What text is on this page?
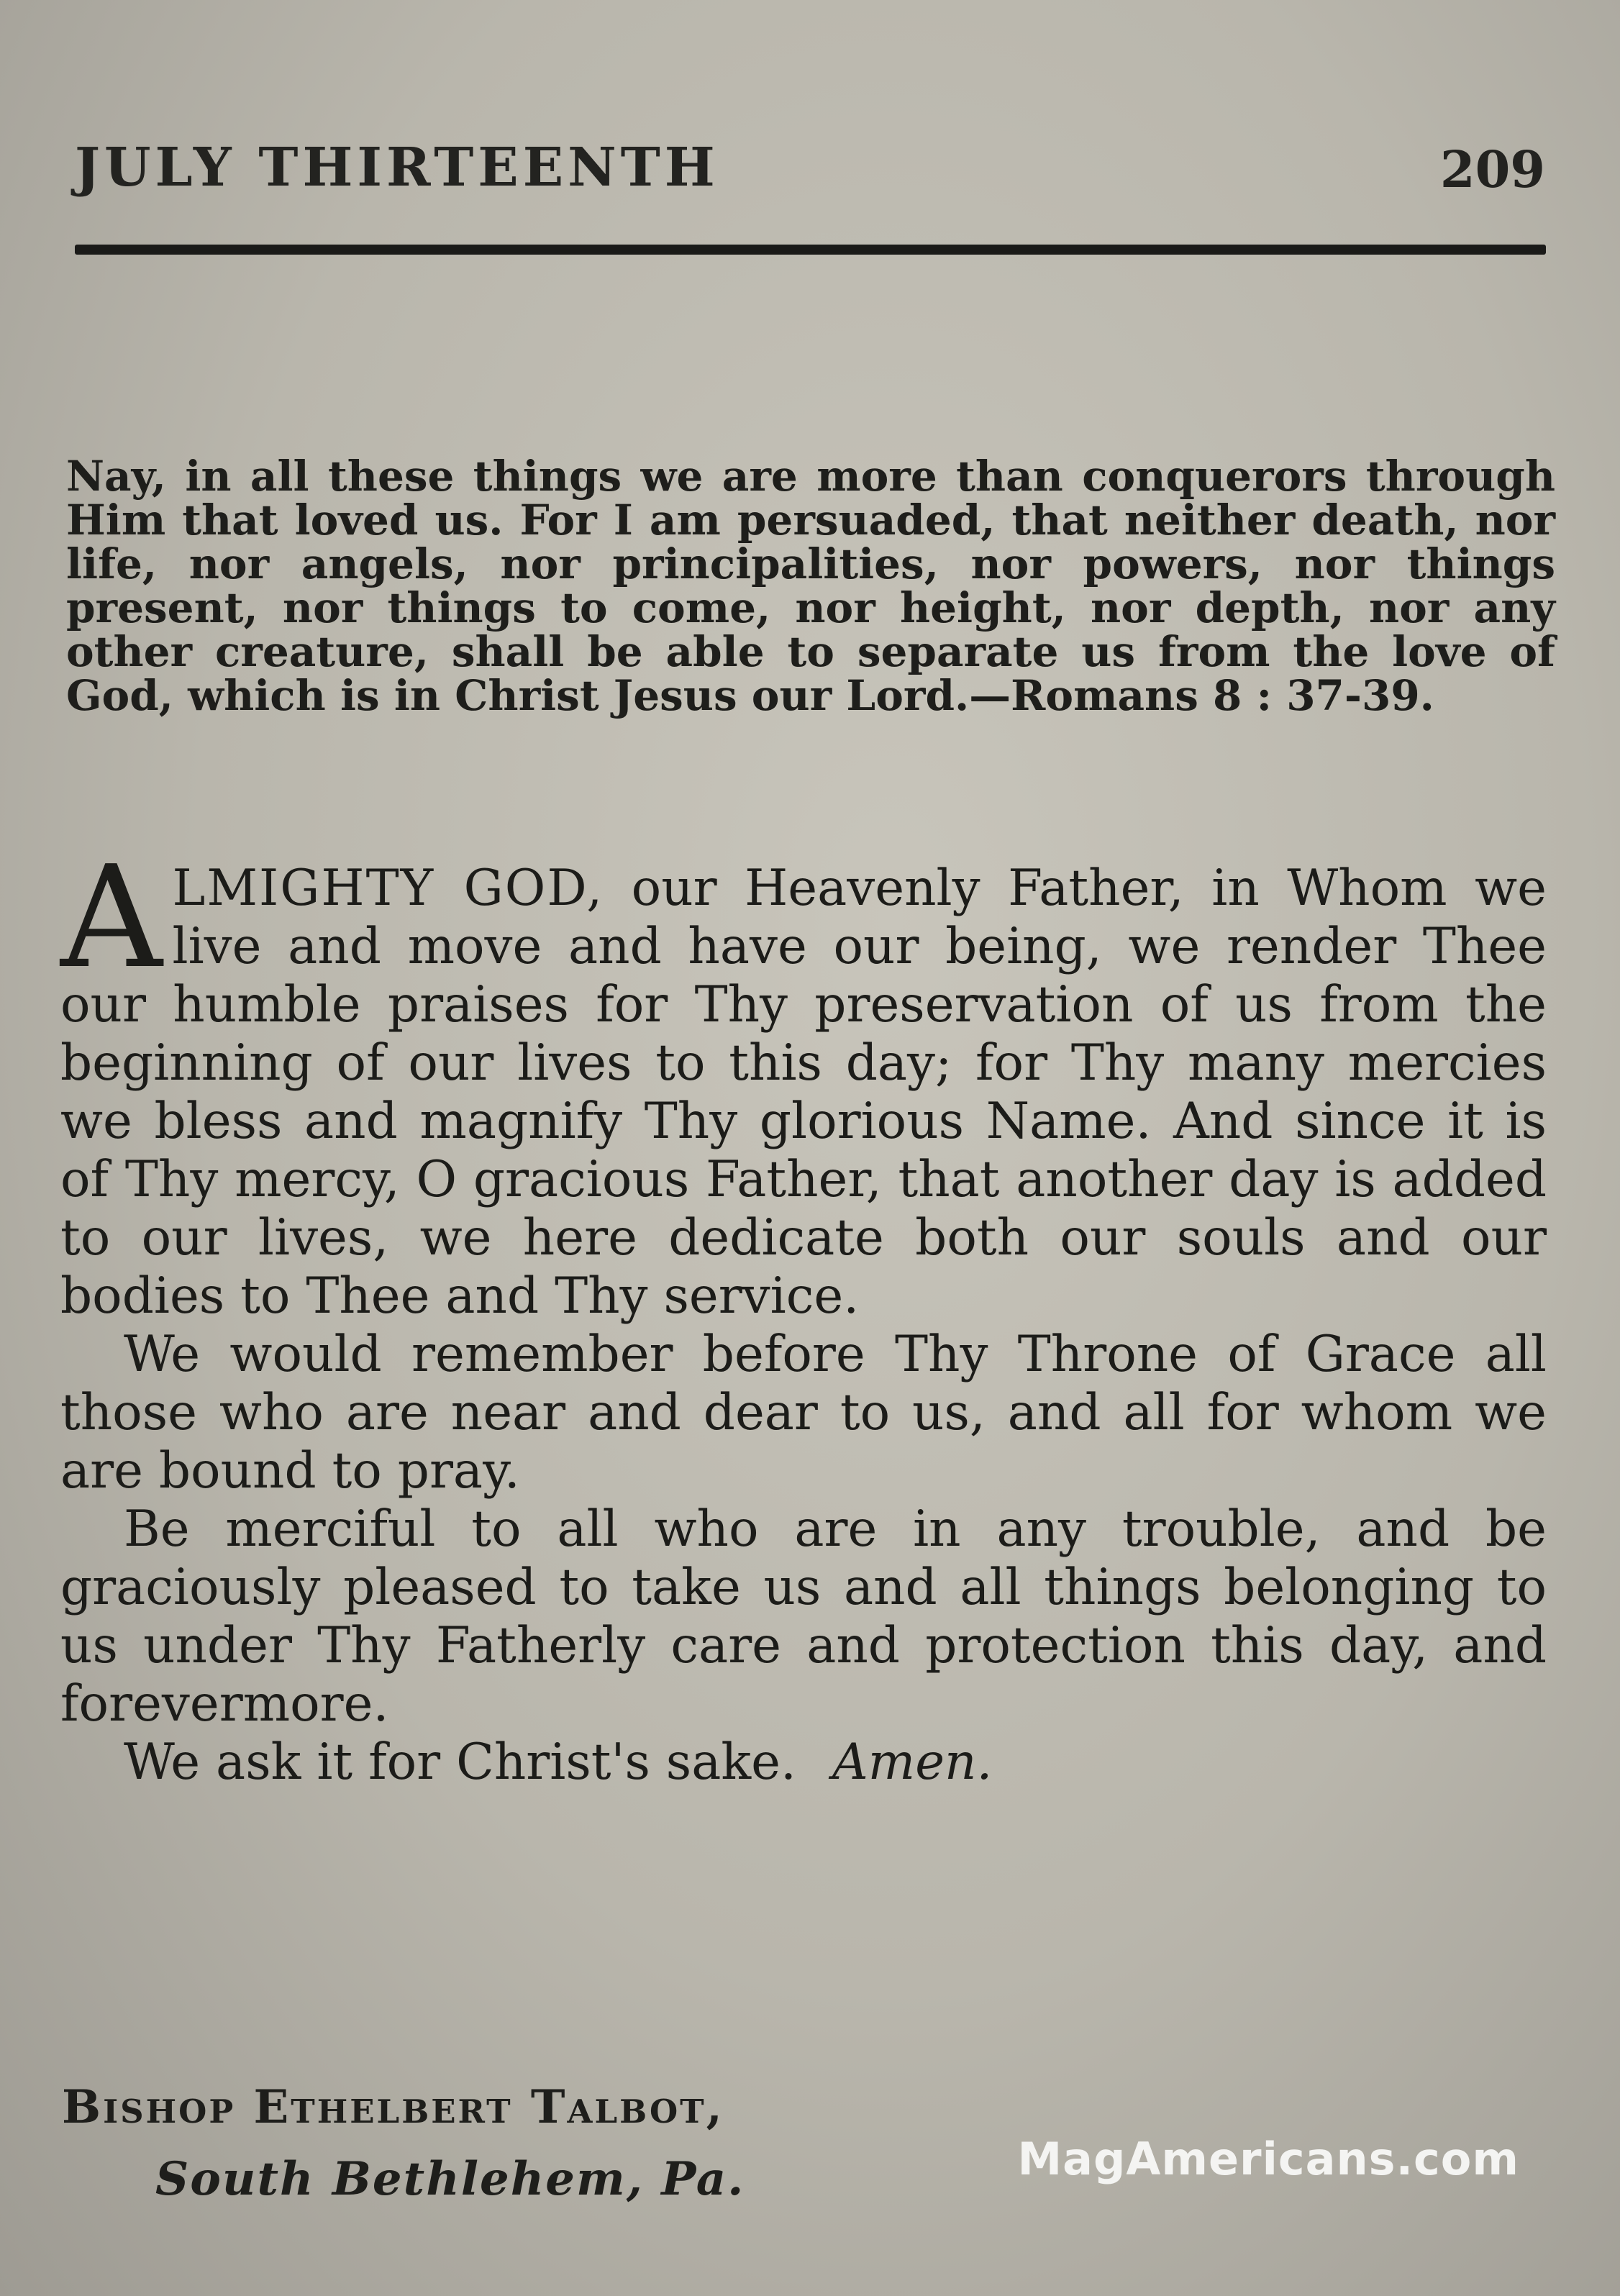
JULY THIRTEENTH	209
Nay, in all these things we are more than conquerors through Him that loved us. For I am persuaded, that neither death, nor life, nor angels, nor principalities, nor powers, nor things present, nor things to come, nor height, nor depth, nor any other creature, shall be able to separate us from the love of God, which is in Christ Jesus our Lord.—Romans 8 : 37-39.

ALMIGHTY GOD, our Heavenly Father, in Whom we live and move and have our being, we render Thee our humble praises for Thy preservation of us from the beginning of our lives to this day; for Thy many mercies we bless and magnify Thy glorious Name. And since it is of Thy mercy, O gracious Father, that another day is added to our lives, we here dedicate both our souls and our bodies to Thee and Thy service.

We would remember before Thy Throne of Grace all those who are near and dear to us, and all for whom we are bound to pray.

Be merciful to all who are in any trouble, and be graciously pleased to take us and all things belonging to us under Thy Fatherly care and protection this day, and forevermore.

We ask it for Christ's sake. Amen.

Bishop Ethelbert Talbot,
South Bethlehem, Pa.	MagAmericans.com
